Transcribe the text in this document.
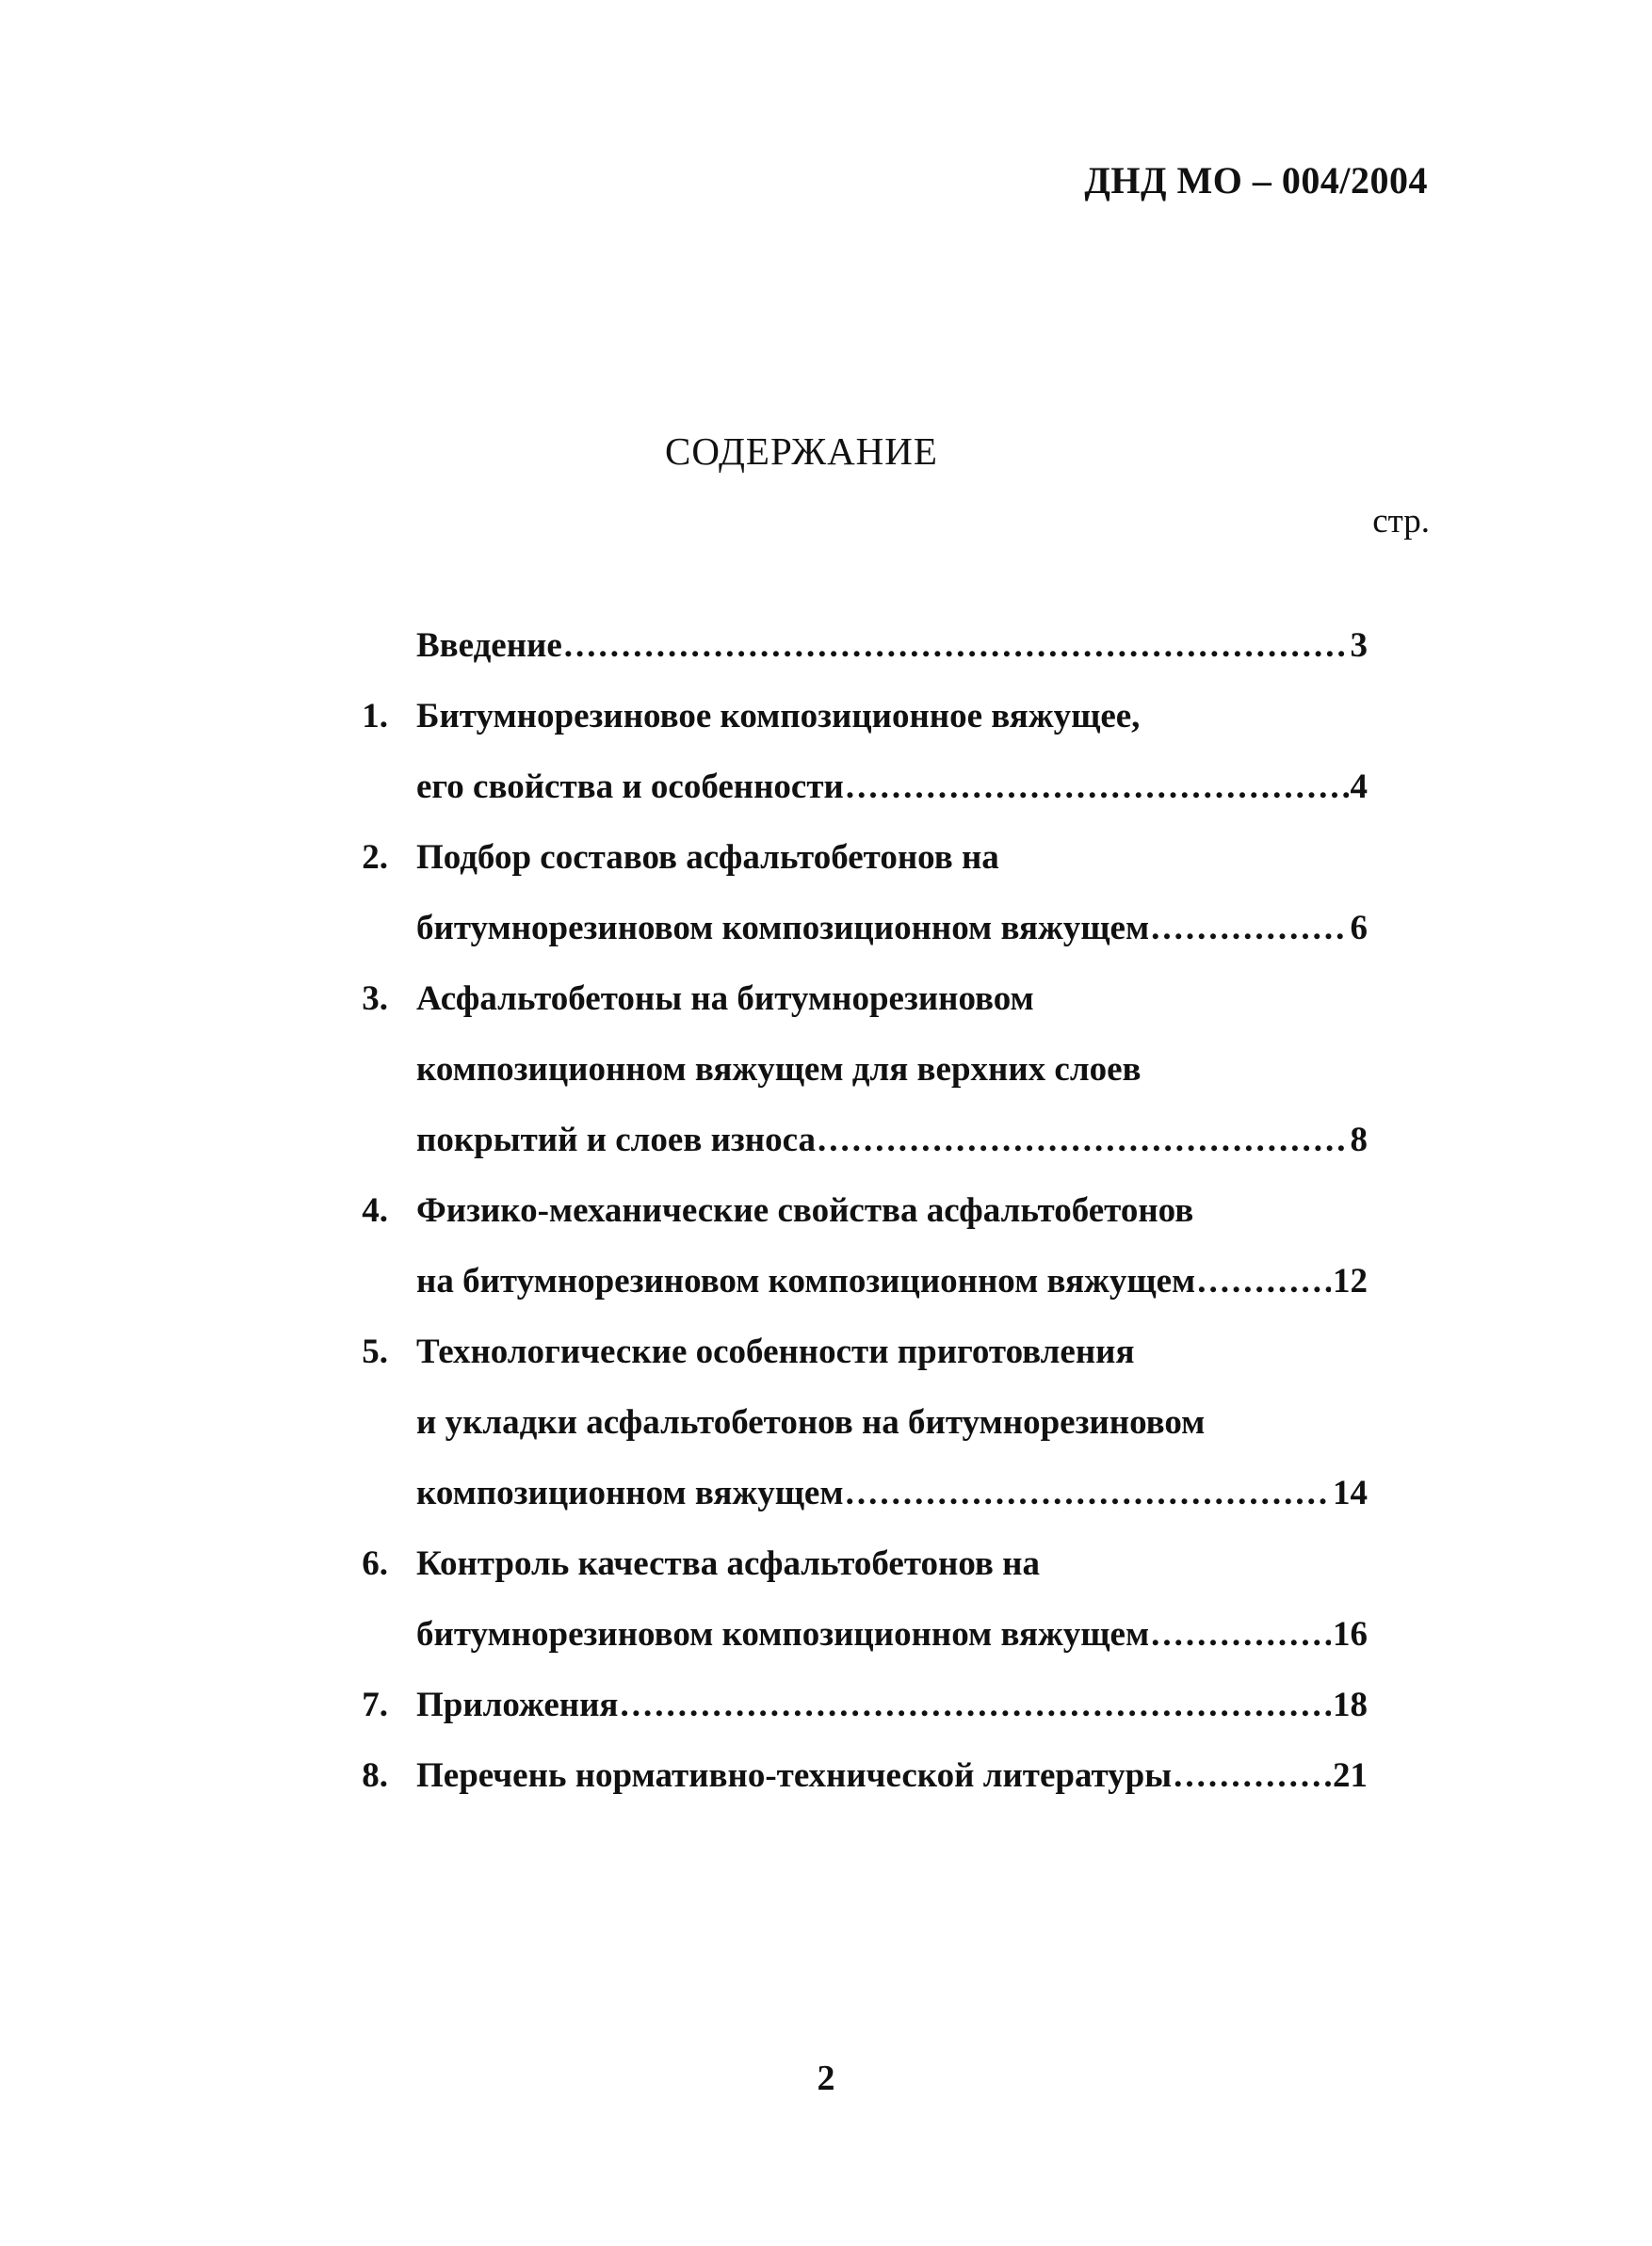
ДНД МО – 004/2004
СОДЕРЖАНИЕ
стр.
Введение .....	3
1. Битумнорезиновое композиционное вяжущее,
его свойства и особенности .....	4
2. Подбор составов асфальтобетонов на
битумнорезиновом композиционном вяжущем .....	6
3. Асфальтобетоны на битумнорезиновом
композиционном вяжущем для верхних слоев
покрытий и слоев износа .....	8
4. Физико-механические свойства асфальтобетонов
на битумнорезиновом композиционном вяжущем .....	12
5. Технологические особенности приготовления
и укладки асфальтобетонов на битумнорезиновом
композиционном вяжущем .....	14
6. Контроль качества асфальтобетонов на
битумнорезиновом композиционном вяжущем .....	16
7. Приложения .....	18
8. Перечень нормативно-технической литературы .....	21
2
